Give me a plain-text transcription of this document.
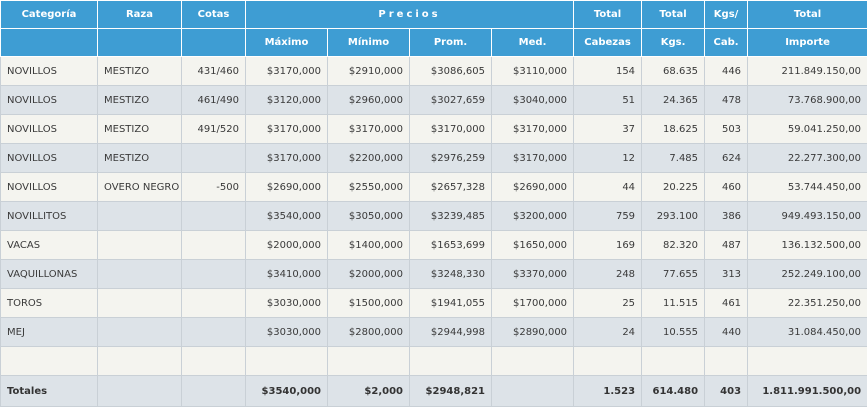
Categoría	Raza	Cotas	Precios				Total	Total	Kgs/	Total
			Máximo	Mínimo	Prom.	Med.	Cabezas	Kgs.	Cab.	Importe
NOVILLOS	MESTIZO	431/460	$3170,000	$2910,000	$3086,605	$3110,000	154	68.635	446	211.849.150,00
NOVILLOS	MESTIZO	461/490	$3120,000	$2960,000	$3027,659	$3040,000	51	24.365	478	73.768.900,00
NOVILLOS	MESTIZO	491/520	$3170,000	$3170,000	$3170,000	$3170,000	37	18.625	503	59.041.250,00
NOVILLOS	MESTIZO		$3170,000	$2200,000	$2976,259	$3170,000	12	7.485	624	22.277.300,00
NOVILLOS	OVERO NEGRO	-500	$2690,000	$2550,000	$2657,328	$2690,000	44	20.225	460	53.744.450,00
NOVILLITOS			$3540,000	$3050,000	$3239,485	$3200,000	759	293.100	386	949.493.150,00
VACAS			$2000,000	$1400,000	$1653,699	$1650,000	169	82.320	487	136.132.500,00
VAQUILLONAS			$3410,000	$2000,000	$3248,330	$3370,000	248	77.655	313	252.249.100,00
TOROS			$3030,000	$1500,000	$1941,055	$1700,000	25	11.515	461	22.351.250,00
MEJ			$3030,000	$2800,000	$2944,998	$2890,000	24	10.555	440	31.084.450,00

Totales			$3540,000	$2,000	$2948,821		1.523	614.480	403	1.811.991.500,00
